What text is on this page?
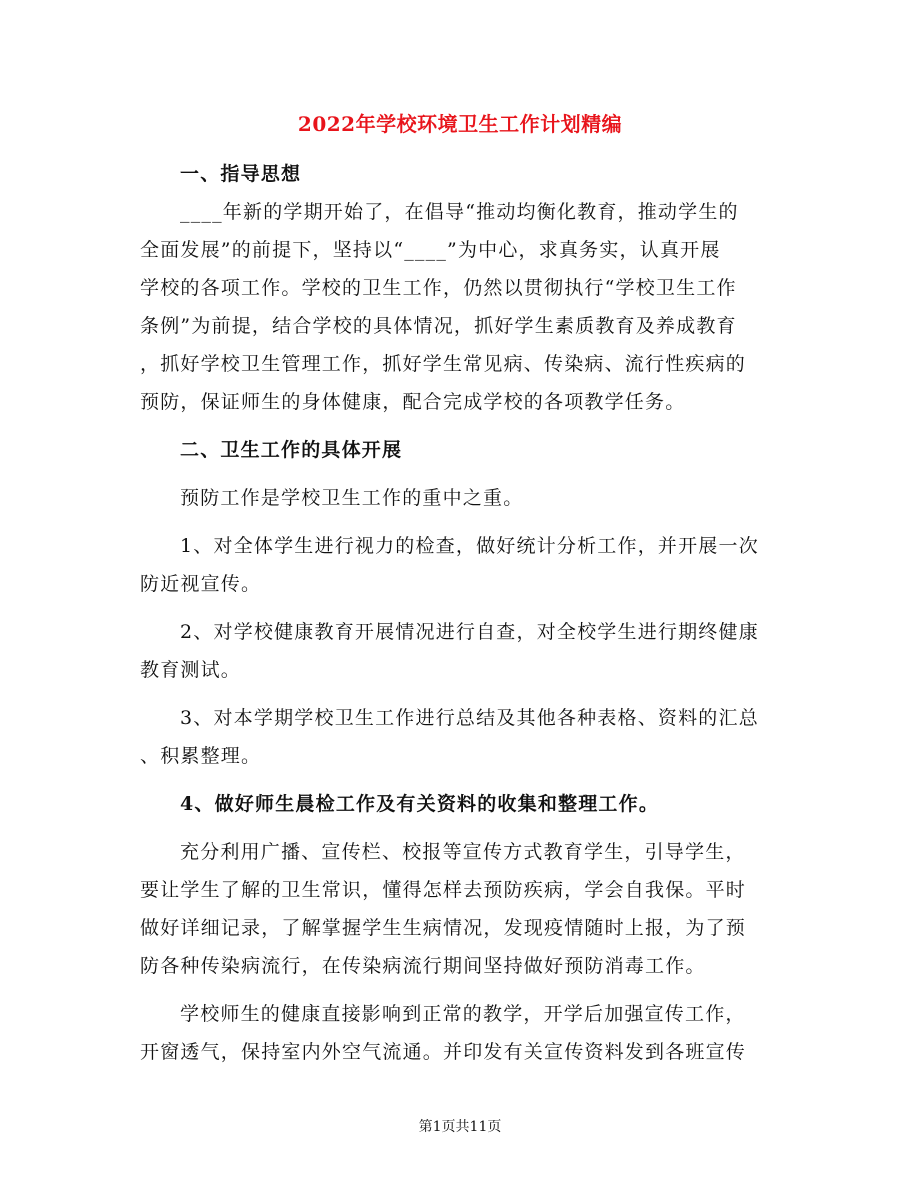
2022年学校环境卫生工作计划精编
一、指导思想
____年新的学期开始了，在倡导“推动均衡化教育，推动学生的
全面发展”的前提下，坚持以“____”为中心，求真务实，认真开展
学校的各项工作。学校的卫生工作，仍然以贯彻执行“学校卫生工作
条例”为前提，结合学校的具体情况，抓好学生素质教育及养成教育
，抓好学校卫生管理工作，抓好学生常见病、传染病、流行性疾病的
预防，保证师生的身体健康，配合完成学校的各项教学任务。
二、卫生工作的具体开展
预防工作是学校卫生工作的重中之重。
1、对全体学生进行视力的检查，做好统计分析工作，并开展一次
防近视宣传。
2、对学校健康教育开展情况进行自查，对全校学生进行期终健康
教育测试。
3、对本学期学校卫生工作进行总结及其他各种表格、资料的汇总
、积累整理。
4、做好师生晨检工作及有关资料的收集和整理工作。
充分利用广播、宣传栏、校报等宣传方式教育学生，引导学生，
要让学生了解的卫生常识，懂得怎样去预防疾病，学会自我保。平时
做好详细记录，了解掌握学生生病情况，发现疫情随时上报，为了预
防各种传染病流行，在传染病流行期间坚持做好预防消毒工作。
学校师生的健康直接影响到正常的教学，开学后加强宣传工作，
开窗透气，保持室内外空气流通。并印发有关宣传资料发到各班宣传
第1页共11页
